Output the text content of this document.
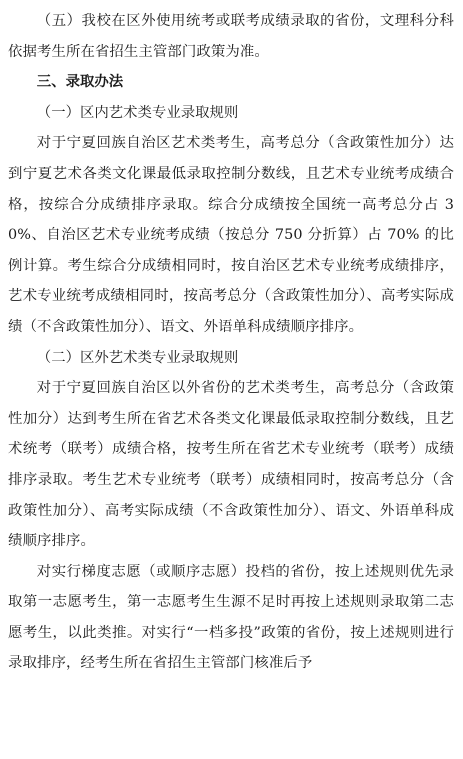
（五）我校在区外使用统考或联考成绩录取的省份，文理科分科依据考生所在省招生主管部门政策为准。

三、录取办法

（一）区内艺术类专业录取规则

对于宁夏回族自治区艺术类考生，高考总分（含政策性加分）达到宁夏艺术各类文化课最低录取控制分数线，且艺术专业统考成绩合格，按综合分成绩排序录取。综合分成绩按全国统一高考总分占 30%、自治区艺术专业统考成绩（按总分 750 分折算）占 70% 的比例计算。考生综合分成绩相同时，按自治区艺术专业统考成绩排序，艺术专业统考成绩相同时，按高考总分（含政策性加分）、高考实际成绩（不含政策性加分）、语文、外语单科成绩顺序排序。

（二）区外艺术类专业录取规则

对于宁夏回族自治区以外省份的艺术类考生，高考总分（含政策性加分）达到考生所在省艺术各类文化课最低录取控制分数线，且艺术统考（联考）成绩合格，按考生所在省艺术专业统考（联考）成绩排序录取。考生艺术专业统考（联考）成绩相同时，按高考总分（含政策性加分）、高考实际成绩（不含政策性加分）、语文、外语单科成绩顺序排序。

对实行梯度志愿（或顺序志愿）投档的省份，按上述规则优先录取第一志愿考生，第一志愿考生生源不足时再按上述规则录取第二志愿考生，以此类推。对实行“一档多投”政策的省份，按上述规则进行录取排序，经考生所在省招生主管部门核准后予
